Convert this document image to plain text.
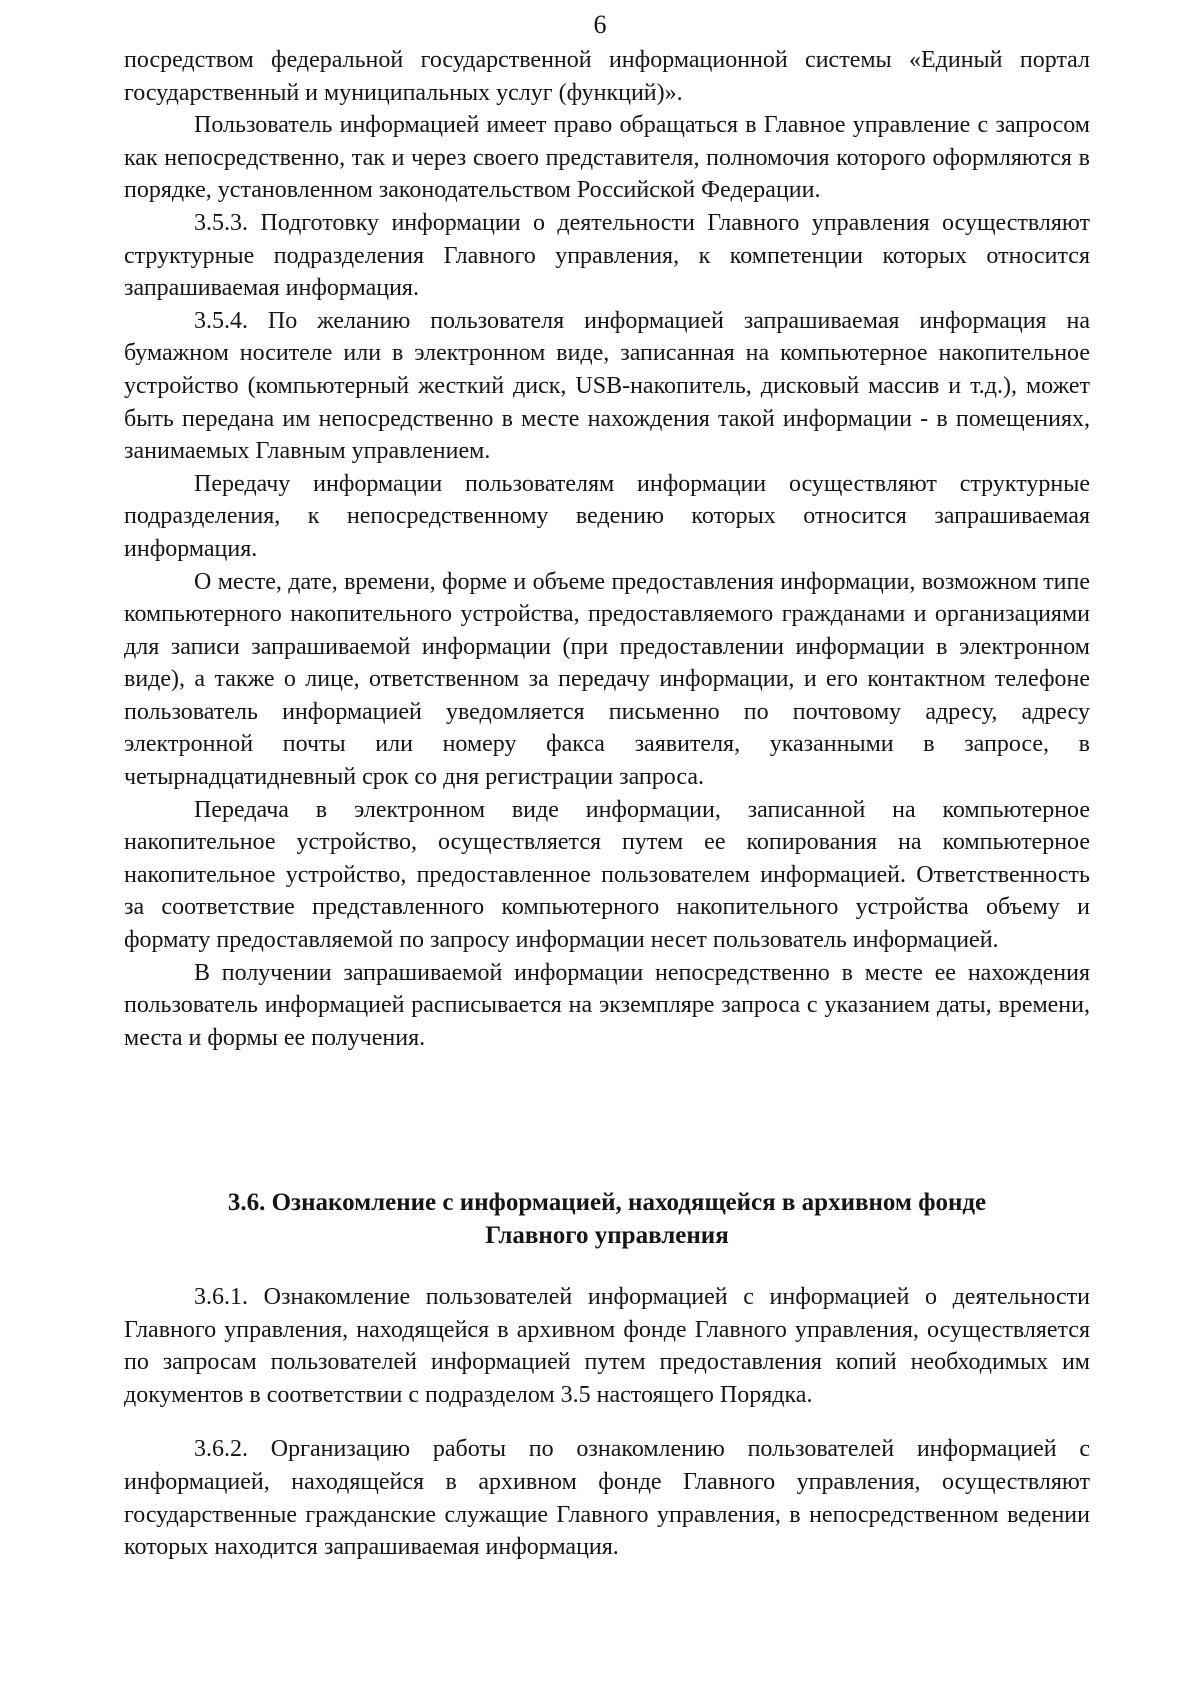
6

посредством федеральной государственной информационной системы «Единый портал государственный и муниципальных услуг (функций)».

Пользователь информацией имеет право обращаться в Главное управление с запросом как непосредственно, так и через своего представителя, полномочия которого оформляются в порядке, установленном законодательством Российской Федерации.

3.5.3. Подготовку информации о деятельности Главного управления осуществляют структурные подразделения Главного управления, к компетенции которых относится запрашиваемая информация.

3.5.4. По желанию пользователя информацией запрашиваемая информация на бумажном носителе или в электронном виде, записанная на компьютерное накопительное устройство (компьютерный жесткий диск, USB-накопитель, дисковый массив и т.д.), может быть передана им непосредственно в месте нахождения такой информации - в помещениях, занимаемых Главным управлением.

Передачу информации пользователям информации осуществляют структурные подразделения, к непосредственному ведению которых относится запрашиваемая информация.

О месте, дате, времени, форме и объеме предоставления информации, возможном типе компьютерного накопительного устройства, предоставляемого гражданами и организациями для записи запрашиваемой информации (при предоставлении информации в электронном виде), а также о лице, ответственном за передачу информации, и его контактном телефоне пользователь информацией уведомляется письменно по почтовому адресу, адресу электронной почты или номеру факса заявителя, указанными в запросе, в четырнадцатидневный срок со дня регистрации запроса.

Передача в электронном виде информации, записанной на компьютерное накопительное устройство, осуществляется путем ее копирования на компьютерное накопительное устройство, предоставленное пользователем информацией. Ответственность за соответствие представленного компьютерного накопительного устройства объему и формату предоставляемой по запросу информации несет пользователь информацией.

В получении запрашиваемой информации непосредственно в месте ее нахождения пользователь информацией расписывается на экземпляре запроса с указанием даты, времени, места и формы ее получения.

3.6. Ознакомление с информацией, находящейся в архивном фонде
Главного управления

3.6.1. Ознакомление пользователей информацией с информацией о деятельности Главного управления, находящейся в архивном фонде Главного управления, осуществляется по запросам пользователей информацией путем предоставления копий необходимых им документов в соответствии с подразделом 3.5 настоящего Порядка.

3.6.2. Организацию работы по ознакомлению пользователей информацией с информацией, находящейся в архивном фонде Главного управления, осуществляют государственные гражданские служащие Главного управления, в непосредственном ведении которых находится запрашиваемая информация.
